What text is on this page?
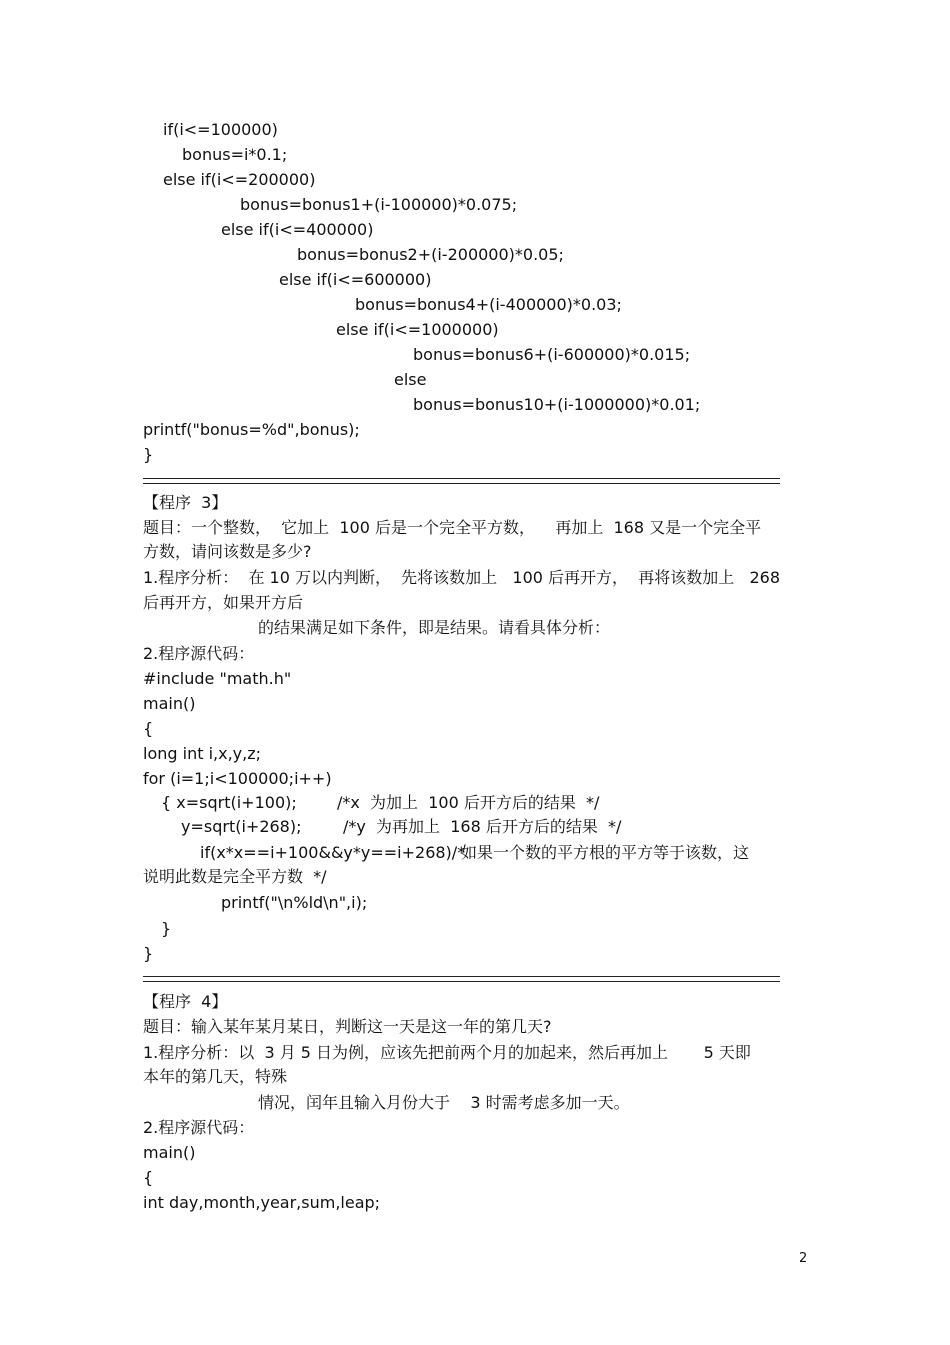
if(i<=100000)

bonus=i*0.1;

else if(i<=200000)

bonus=bonus1+(i-100000)*0.075;

else if(i<=400000)

bonus=bonus2+(i-200000)*0.05;

else if(i<=600000)

bonus=bonus4+(i-400000)*0.03;

else if(i<=1000000)

bonus=bonus6+(i-600000)*0.015;

else

bonus=bonus10+(i-1000000)*0.01;

printf("bonus=%d",bonus);

}

【程序  3】

题目：一个整数，  它加上  100 后是一个完全平方数，    再加上  168 又是一个完全平

方数，请问该数是多少?

1.程序分析：  在 10 万以内判断，  先将该数加上   100 后再开方，  再将该数加上   268

后再开方，如果开方后

的结果满足如下条件，即是结果。请看具体分析：

2.程序源代码：

#include "math.h"

main()

{

long int i,x,y,z;

for (i=1;i<100000;i++)

{ x=sqrt(i+100);	/*x  为加上  100 后开方后的结果  */

y=sqrt(i+268);	/*y  为再加上  168 后开方后的结果  */

if(x*x==i+100&&y*y==i+268)/*

如果一个数的平方根的平方等于该数，这

说明此数是完全平方数  */

printf("\n%ld\n",i);

}

}

【程序  4】

题目：输入某年某月某日，判断这一天是这一年的第几天?

1.程序分析：以  3 月 5 日为例，应该先把前两个月的加起来，然后再加上       5 天即

本年的第几天，特殊

情况，闰年且输入月份大于    3 时需考虑多加一天。

2.程序源代码：

main()

{

int day,month,year,sum,leap;

2
